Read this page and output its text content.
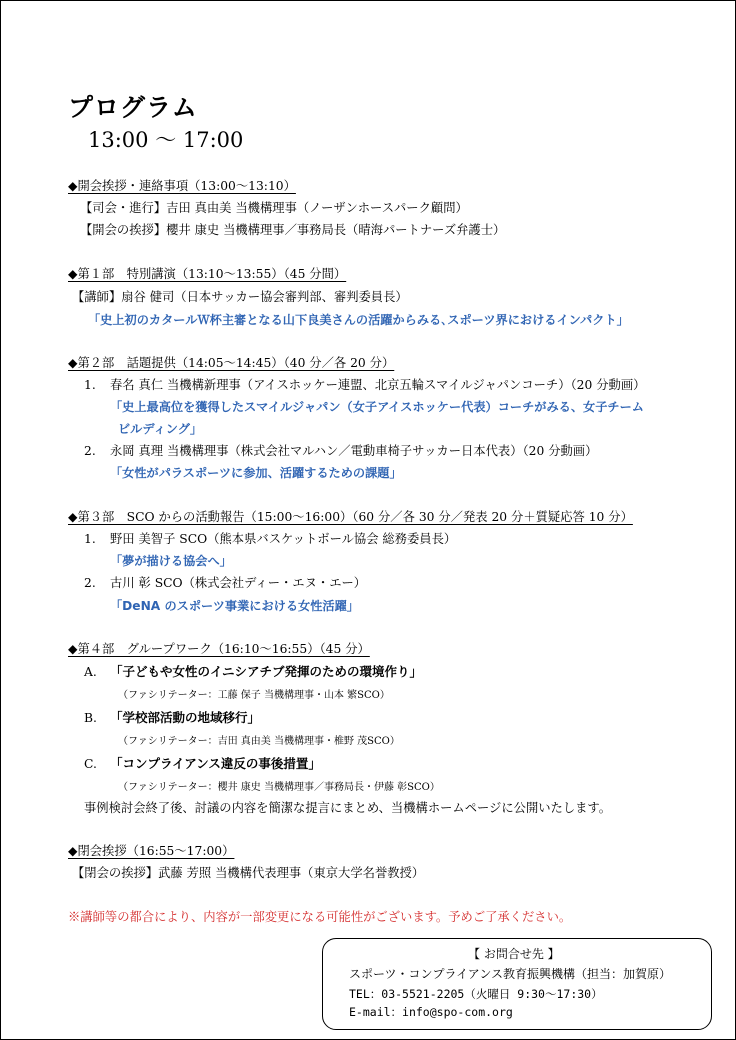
プログラム
13:00 〜 17:00
◆開会挨拶・連絡事項（13:00〜13:10）
【司会・進行】吉田 真由美 当機構理事（ノーザンホースパーク顧問）
【開会の挨拶】櫻井 康史 当機構理事／事務局長（晴海パートナーズ弁護士）
◆第１部　特別講演（13:10〜13:55）（45 分間）
【講師】扇谷 健司（日本サッカー協会審判部、審判委員長）
「史上初のカタールＷ杯主審となる山下良美さんの活躍からみる､スポーツ界におけるインパクト」
◆第２部　話題提供（14:05〜14:45）（40 分／各 20 分）
1. 春名 真仁 当機構新理事（アイスホッケー連盟、北京五輪スマイルジャパンコーチ）（20 分動画）
「史上最高位を獲得したスマイルジャパン（女子アイスホッケー代表）コーチがみる、女子チーム
ビルディング」
2. 永岡 真理 当機構理事（株式会社マルハン／電動車椅子サッカー日本代表）（20 分動画）
「女性がパラスポーツに参加、活躍するための課題」
◆第３部　SCO からの活動報告（15:00〜16:00）（60 分／各 30 分／発表 20 分＋質疑応答 10 分）
1. 野田 美智子 SCO（熊本県バスケットボール協会 総務委員長）
「夢が描ける協会へ」
2. 古川 彰 SCO（株式会社ディー・エヌ・エー）
「DeNA のスポーツ事業における女性活躍」
◆第４部　グループワーク（16:10〜16:55）（45 分）
A. 「子どもや女性のイニシアチブ発揮のための環境作り」
（ファシリテーター：工藤 保子 当機構理事・山本 繁SCO）
B. 「学校部活動の地域移行」
（ファシリテーター：吉田 真由美 当機構理事・椎野 茂SCO）
C. 「コンプライアンス違反の事後措置」
（ファシリテーター：櫻井 康史 当機構理事／事務局長・伊藤 彰SCO）
事例検討会終了後、討議の内容を簡潔な提言にまとめ、当機構ホームページに公開いたします。
◆閉会挨拶（16:55〜17:00）
【閉会の挨拶】武藤 芳照 当機構代表理事（東京大学名誉教授）
※講師等の都合により、内容が一部変更になる可能性がございます。予めご了承ください。
【 お問合せ先 】
スポーツ・コンプライアンス教育振興機構（担当：加賀原）
TEL：03-5521-2205（火曜日 9:30〜17:30）
E-mail：info@spo-com.org
